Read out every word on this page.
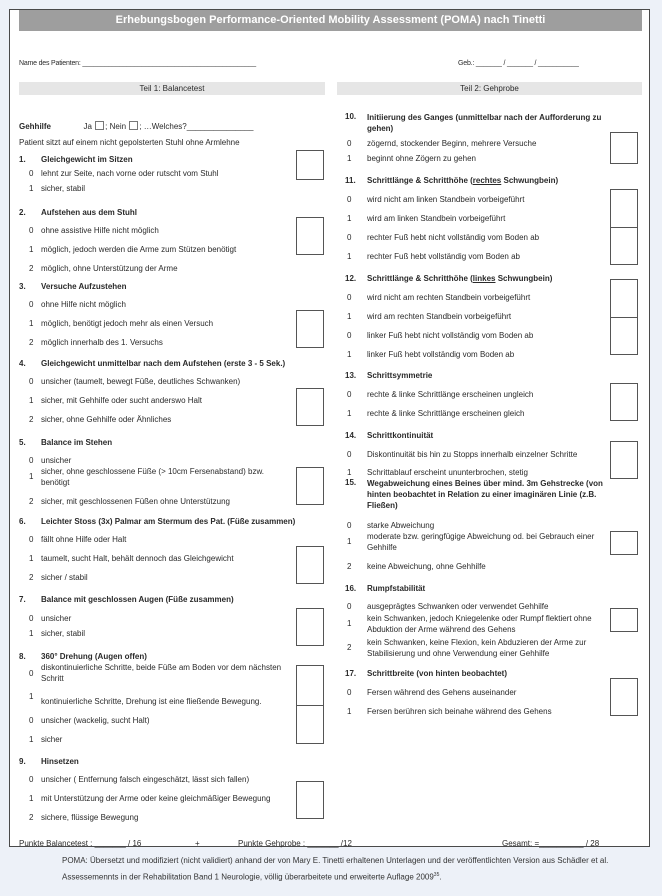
Erhebungsbogen Performance-Oriented Mobility Assessment (POMA) nach Tinetti
Name des Patienten: _______________________________________________	Geb.: _______ / _______ / ___________
Teil 1: Balancetest	Teil 2: Gehprobe
Gehhilfe	Ja ; Nein ; …Welches?_______________
Patient sitzt auf einem nicht gepolsterten Stuhl ohne Armlehne
1. Gleichgewicht im Sitzen
0 lehnt zur Seite, nach vorne oder rutscht vom Stuhl
1 sicher, stabil
2. Aufstehen aus dem Stuhl
0 ohne assistive Hilfe nicht möglich
1 möglich, jedoch werden die Arme zum Stützen benötigt
2 möglich, ohne Unterstützung der Arme
3. Versuche Aufzustehen
0 ohne Hilfe nicht möglich
1 möglich, benötigt jedoch mehr als einen Versuch
2 möglich innerhalb des 1. Versuchs
4. Gleichgewicht unmittelbar nach dem Aufstehen (erste 3 - 5 Sek.)
0 unsicher (taumelt, bewegt Füße, deutliches Schwanken)
1 sicher, mit Gehhilfe oder sucht anderswo Halt
2 sicher, ohne Gehhilfe oder Ähnliches
5. Balance im Stehen
0 unsicher
1
sicher, ohne geschlossene Füße (> 10cm Fersenabstand) bzw. benötigt
2 sicher, mit geschlossenen Füßen ohne Unterstützung
6. Leichter Stoss (3x) Palmar am Stermum des Pat. (Füße zusammen)
0 fällt ohne Hilfe oder Halt
1 taumelt, sucht Halt, behält dennoch das Gleichgewicht
2 sicher / stabil
7. Balance mit geschlossen Augen (Füße zusammen)
0 unsicher
1 sicher, stabil
8. 360° Drehung (Augen offen)
0
diskontinuierliche Schritte, beide Füße am Boden vor dem nächsten Schritt
1
kontinuierliche Schritte, Drehung ist eine fließende Bewegung.
0 unsicher (wackelig, sucht Halt)
1 sicher
9. Hinsetzen
0 unsicher ( Entfernung falsch eingeschätzt, lässt sich fallen)
1 mit Unterstützung der Arme oder keine gleichmäßiger Bewegung
2 sichere, flüssige Bewegung
10. Initiierung des Ganges (unmittelbar nach der Aufforderung zu gehen)
0 zögernd, stockender Beginn, mehrere Versuche
1 beginnt ohne Zögern zu gehen
11. Schrittlänge & Schritthöhe (rechtes Schwungbein)
0 wird nicht am linken Standbein vorbeigeführt
1 wird am linken Standbein vorbeigeführt
0 rechter Fuß hebt nicht vollständig vom Boden ab
1 rechter Fuß hebt vollständig vom Boden ab
12. Schrittlänge & Schritthöhe (linkes Schwungbein)
0 wird nicht am rechten Standbein vorbeigeführt
1 wird am rechten Standbein vorbeigeführt
0 linker Fuß hebt nicht vollständig vom Boden ab
1 linker Fuß hebt vollständig vom Boden ab
13. Schrittsymmetrie
0 rechte & linke Schrittlänge erscheinen ungleich
1 rechte & linke Schrittlänge erscheinen gleich
14. Schrittkontinuität
0 Diskontinuität bis hin zu Stopps innerhalb einzelner Schritte
1 Schrittablauf erscheint ununterbrochen, stetig
15. Wegabweichung eines Beines über mind. 3m Gehstrecke (von hinten beobachtet in Relation zu einer imaginären Linie (z.B. Fließen)
0 starke Abweichung
1
moderate bzw. geringfügige Abweichung od. bei Gebrauch einer Gehhilfe
2 keine Abweichung, ohne Gehhilfe
16. Rumpfstabilität
0 ausgeprägtes Schwanken oder verwendet Gehhilfe
1
kein Schwanken, jedoch Kniegelenke oder Rumpf flektiert ohne Abduktion der Arme während des Gehens
2
kein Schwanken, keine Flexion, kein Abduzieren der Arme zur Stabilisierung und ohne Verwendung einer Gehhilfe
17. Schrittbreite (von hinten beobachtet)
0 Fersen während des Gehens auseinander
1 Fersen berühren sich beinahe während des Gehens
Punkte Balancetest : _______ / 16	+	Punkte Gehprobe : _______ /12	Gesamt: =__________ / 28
POMA: Übersetzt und modifiziert (nicht validiert) anhand der von Mary E. Tinetti erhaltenen Unterlagen und der veröffentlichten Version aus Schädler et al.
Assessemennts in der Rehabilitation Band 1 Neurologie, völlig überarbeitete und erweiterte Auflage 2009$^{35}$.
